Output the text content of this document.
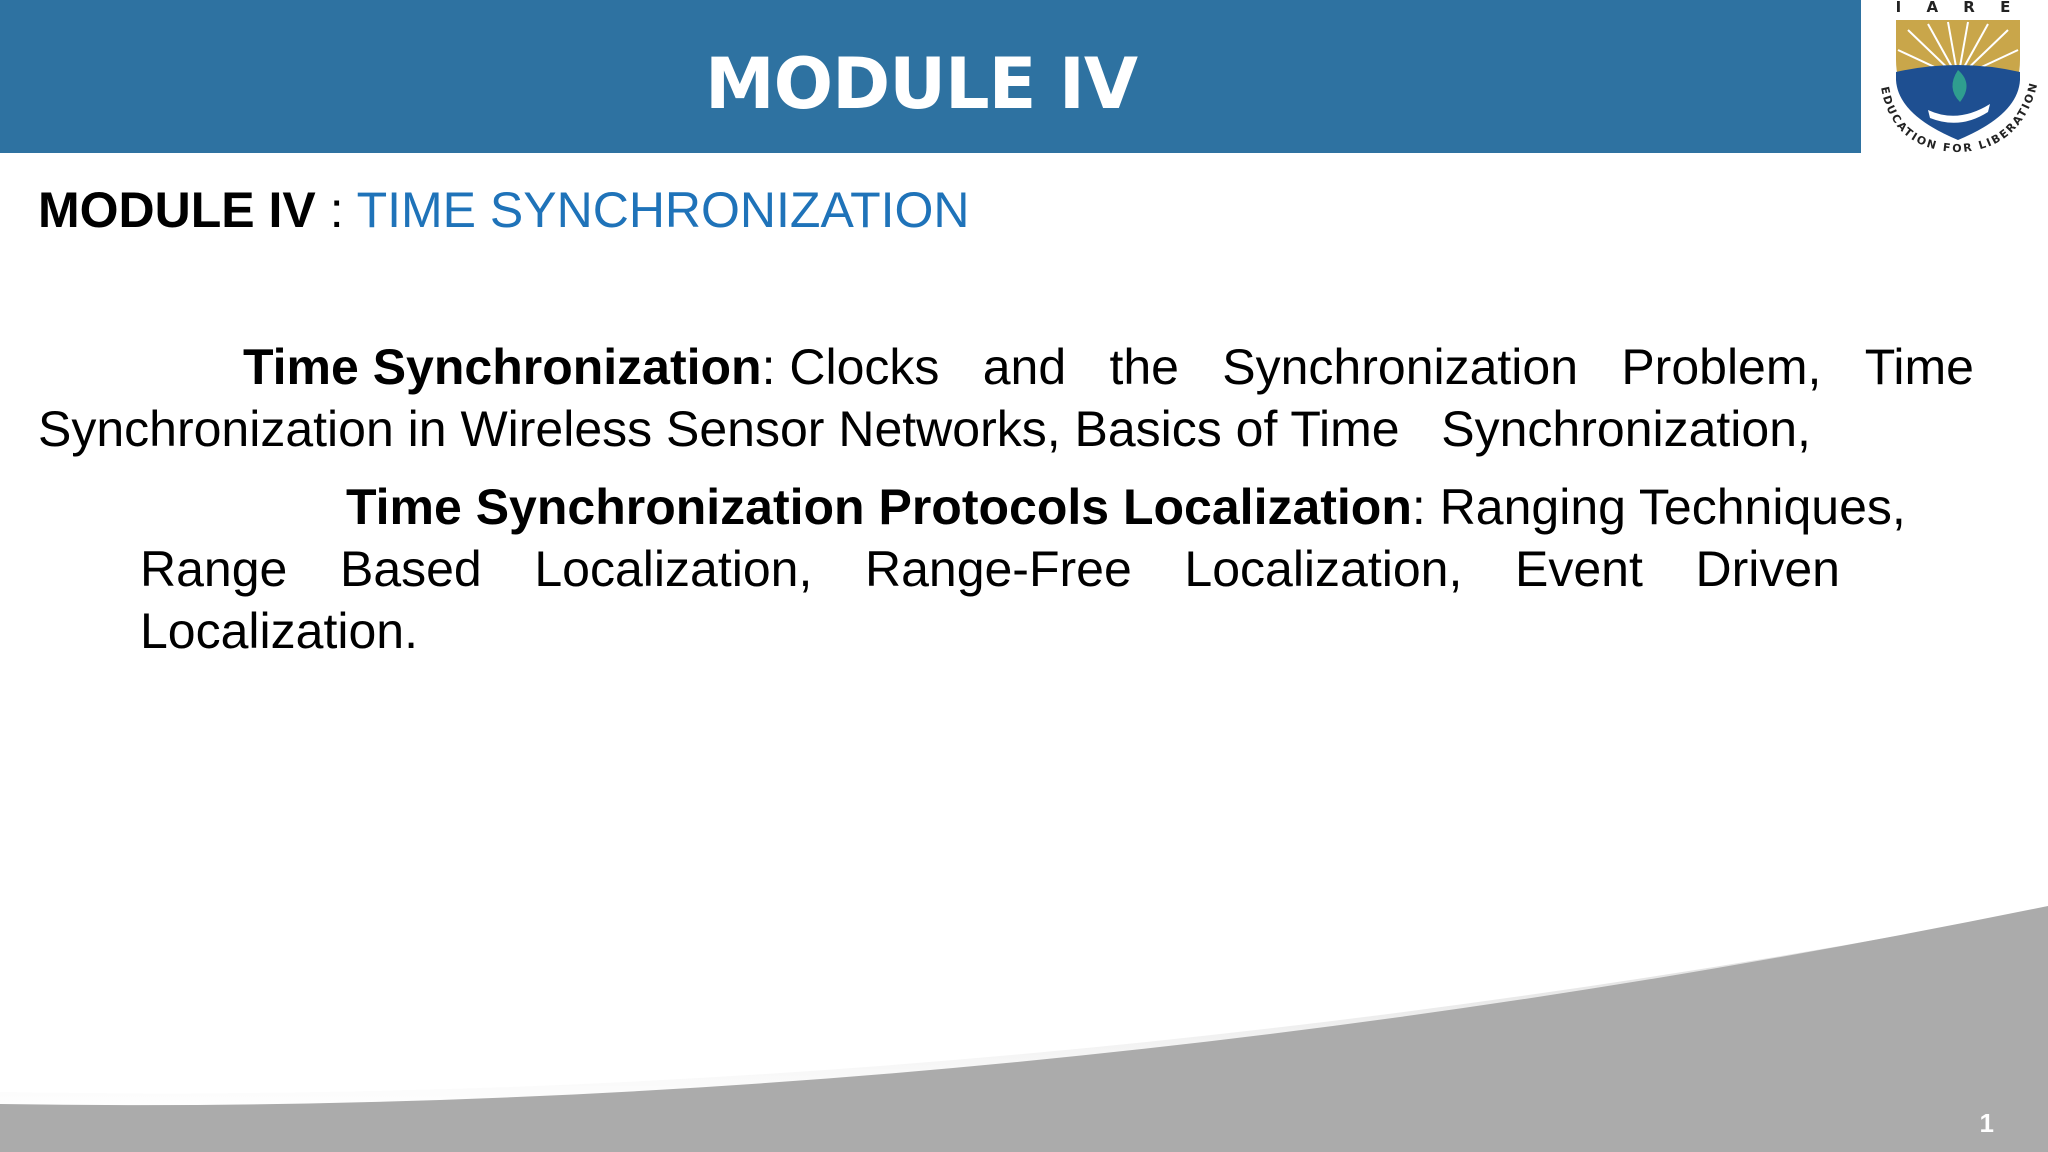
MODULE IV
I A R E
EDUCATION FOR LIBERATION
MODULE IV : TIME SYNCHRONIZATION
Time Synchronization: Clocks and the Synchronization Problem, Time
Synchronization in Wireless Sensor Networks, Basics of Time   Synchronization,
Time Synchronization Protocols Localization: Ranging Techniques,
Range Based Localization, Range-Free Localization, Event Driven
Localization.
1
